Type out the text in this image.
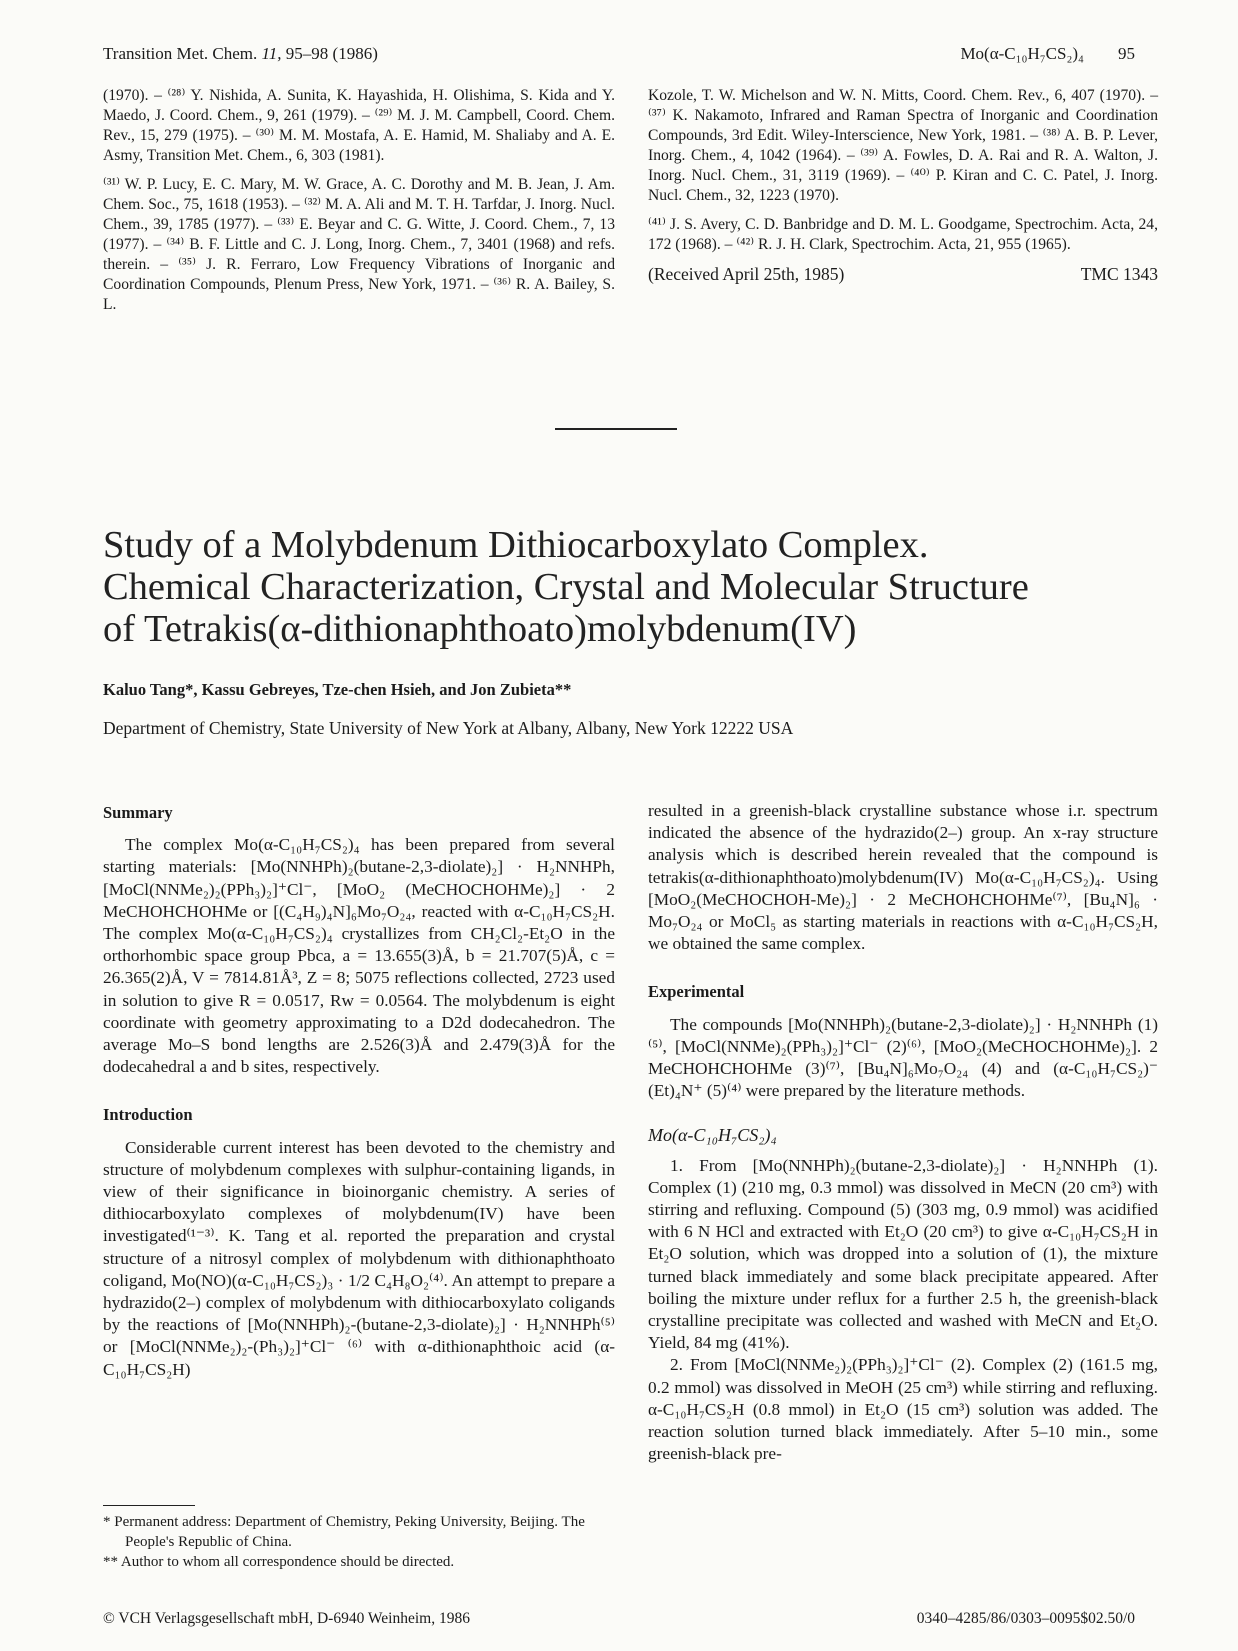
Transition Met. Chem. 11, 95–98 (1986)	Mo(α-C₁₀H₇CS₂)₄ 95

(1970). – ⁽²⁸⁾ Y. Nishida, A. Sunita, K. Hayashida, H. Olishima, S. Kida and Y. Maedo, J. Coord. Chem., 9, 261 (1979). – ⁽²⁹⁾ M. J. M. Campbell, Coord. Chem. Rev., 15, 279 (1975). – ⁽³⁰⁾ M. M. Mostafa, A. E. Hamid, M. Shaliaby and A. E. Asmy, Transition Met. Chem., 6, 303 (1981).

⁽³¹⁾ W. P. Lucy, E. C. Mary, M. W. Grace, A. C. Dorothy and M. B. Jean, J. Am. Chem. Soc., 75, 1618 (1953). – ⁽³²⁾ M. A. Ali and M. T. H. Tarfdar, J. Inorg. Nucl. Chem., 39, 1785 (1977). – ⁽³³⁾ E. Beyar and C. G. Witte, J. Coord. Chem., 7, 13 (1977). – ⁽³⁴⁾ B. F. Little and C. J. Long, Inorg. Chem., 7, 3401 (1968) and refs. therein. – ⁽³⁵⁾ J. R. Ferraro, Low Frequency Vibrations of Inorganic and Coordination Compounds, Plenum Press, New York, 1971. – ⁽³⁶⁾ R. A. Bailey, S. L.

Kozole, T. W. Michelson and W. N. Mitts, Coord. Chem. Rev., 6, 407 (1970). – ⁽³⁷⁾ K. Nakamoto, Infrared and Raman Spectra of Inorganic and Coordination Compounds, 3rd Edit. Wiley-Interscience, New York, 1981. – ⁽³⁸⁾ A. B. P. Lever, Inorg. Chem., 4, 1042 (1964). – ⁽³⁹⁾ A. Fowles, D. A. Rai and R. A. Walton, J. Inorg. Nucl. Chem., 31, 3119 (1969). – ⁽⁴⁰⁾ P. Kiran and C. C. Patel, J. Inorg. Nucl. Chem., 32, 1223 (1970).

⁽⁴¹⁾ J. S. Avery, C. D. Banbridge and D. M. L. Goodgame, Spectrochim. Acta, 24, 172 (1968). – ⁽⁴²⁾ R. J. H. Clark, Spectrochim. Acta, 21, 955 (1965).

(Received April 25th, 1985)	TMC 1343
Study of a Molybdenum Dithiocarboxylato Complex.
Chemical Characterization, Crystal and Molecular Structure
of Tetrakis(α-dithionaphthoato)molybdenum(IV)
Kaluo Tang*, Kassu Gebreyes, Tze-chen Hsieh, and Jon Zubieta**
Department of Chemistry, State University of New York at Albany, Albany, New York 12222 USA
Summary

The complex Mo(α-C₁₀H₇CS₂)₄ has been prepared from several starting materials: [Mo(NNHPh)₂(butane-2,3-diolate)₂] · H₂NNHPh, [MoCl(NNMe₂)₂(PPh₃)₂]⁺Cl⁻, [MoO₂ (MeCHOCHOHMe)₂] · 2 MeCHOHCHOHMe or [(C₄H₉)₄N]₆Mo₇O₂₄, reacted with α-C₁₀H₇CS₂H. The complex Mo(α-C₁₀H₇CS₂)₄ crystallizes from CH₂Cl₂-Et₂O in the orthorhombic space group Pbca, a = 13.655(3)Å, b = 21.707(5)Å, c = 26.365(2)Å, V = 7814.81Å³, Z = 8; 5075 reflections collected, 2723 used in solution to give R = 0.0517, Rw = 0.0564. The molybdenum is eight coordinate with geometry approximating to a D2d dodecahedron. The average Mo–S bond lengths are 2.526(3)Å and 2.479(3)Å for the dodecahedral a and b sites, respectively.

Introduction

Considerable current interest has been devoted to the chemistry and structure of molybdenum complexes with sulphur-containing ligands, in view of their significance in bioinorganic chemistry. A series of dithiocarboxylato complexes of molybdenum(IV) have been investigated⁽¹⁻³⁾. K. Tang et al. reported the preparation and crystal structure of a nitrosyl complex of molybdenum with dithionaphthoato coligand, Mo(NO)(α-C₁₀H₇CS₂)₃ · 1/2 C₄H₈O₂⁽⁴⁾. An attempt to prepare a hydrazido(2–) complex of molybdenum with dithiocarboxylato coligands by the reactions of [Mo(NNHPh)₂-(butane-2,3-diolate)₂] · H₂NNHPh⁽⁵⁾ or [MoCl(NNMe₂)₂-(Ph₃)₂]⁺Cl⁻ ⁽⁶⁾ with α-dithionaphthoic acid (α-C₁₀H₇CS₂H)

resulted in a greenish-black crystalline substance whose i.r. spectrum indicated the absence of the hydrazido(2–) group. An x-ray structure analysis which is described herein revealed that the compound is tetrakis(α-dithionaphthoato)molybdenum(IV) Mo(α-C₁₀H₇CS₂)₄. Using [MoO₂(MeCHOCHOH-Me)₂] · 2 MeCHOHCHOHMe⁽⁷⁾, [Bu₄N]₆ · Mo₇O₂₄ or MoCl₅ as starting materials in reactions with α-C₁₀H₇CS₂H, we obtained the same complex.

Experimental

The compounds [Mo(NNHPh)₂(butane-2,3-diolate)₂] · H₂NNHPh (1)⁽⁵⁾, [MoCl(NNMe)₂(PPh₃)₂]⁺Cl⁻ (2)⁽⁶⁾, [MoO₂(MeCHOCHOHMe)₂]. 2 MeCHOHCHOHMe (3)⁽⁷⁾, [Bu₄N]₆Mo₇O₂₄ (4) and (α-C₁₀H₇CS₂)⁻ (Et)₄N⁺ (5)⁽⁴⁾ were prepared by the literature methods.

Mo(α-C₁₀H₇CS₂)₄

1. From [Mo(NNHPh)₂(butane-2,3-diolate)₂] · H₂NNHPh (1). Complex (1) (210 mg, 0.3 mmol) was dissolved in MeCN (20 cm³) with stirring and refluxing. Compound (5) (303 mg, 0.9 mmol) was acidified with 6 N HCl and extracted with Et₂O (20 cm³) to give α-C₁₀H₇CS₂H in Et₂O solution, which was dropped into a solution of (1), the mixture turned black immediately and some black precipitate appeared. After boiling the mixture under reflux for a further 2.5 h, the greenish-black crystalline precipitate was collected and washed with MeCN and Et₂O. Yield, 84 mg (41%).

2. From [MoCl(NNMe₂)₂(PPh₃)₂]⁺Cl⁻ (2). Complex (2) (161.5 mg, 0.2 mmol) was dissolved in MeOH (25 cm³) while stirring and refluxing. α-C₁₀H₇CS₂H (0.8 mmol) in Et₂O (15 cm³) solution was added. The reaction solution turned black immediately. After 5–10 min., some greenish-black pre-

* Permanent address: Department of Chemistry, Peking University, Beijing. The People's Republic of China.
** Author to whom all correspondence should be directed.
© VCH Verlagsgesellschaft mbH, D-6940 Weinheim, 1986	0340–4285/86/0303–0095$02.50/0
